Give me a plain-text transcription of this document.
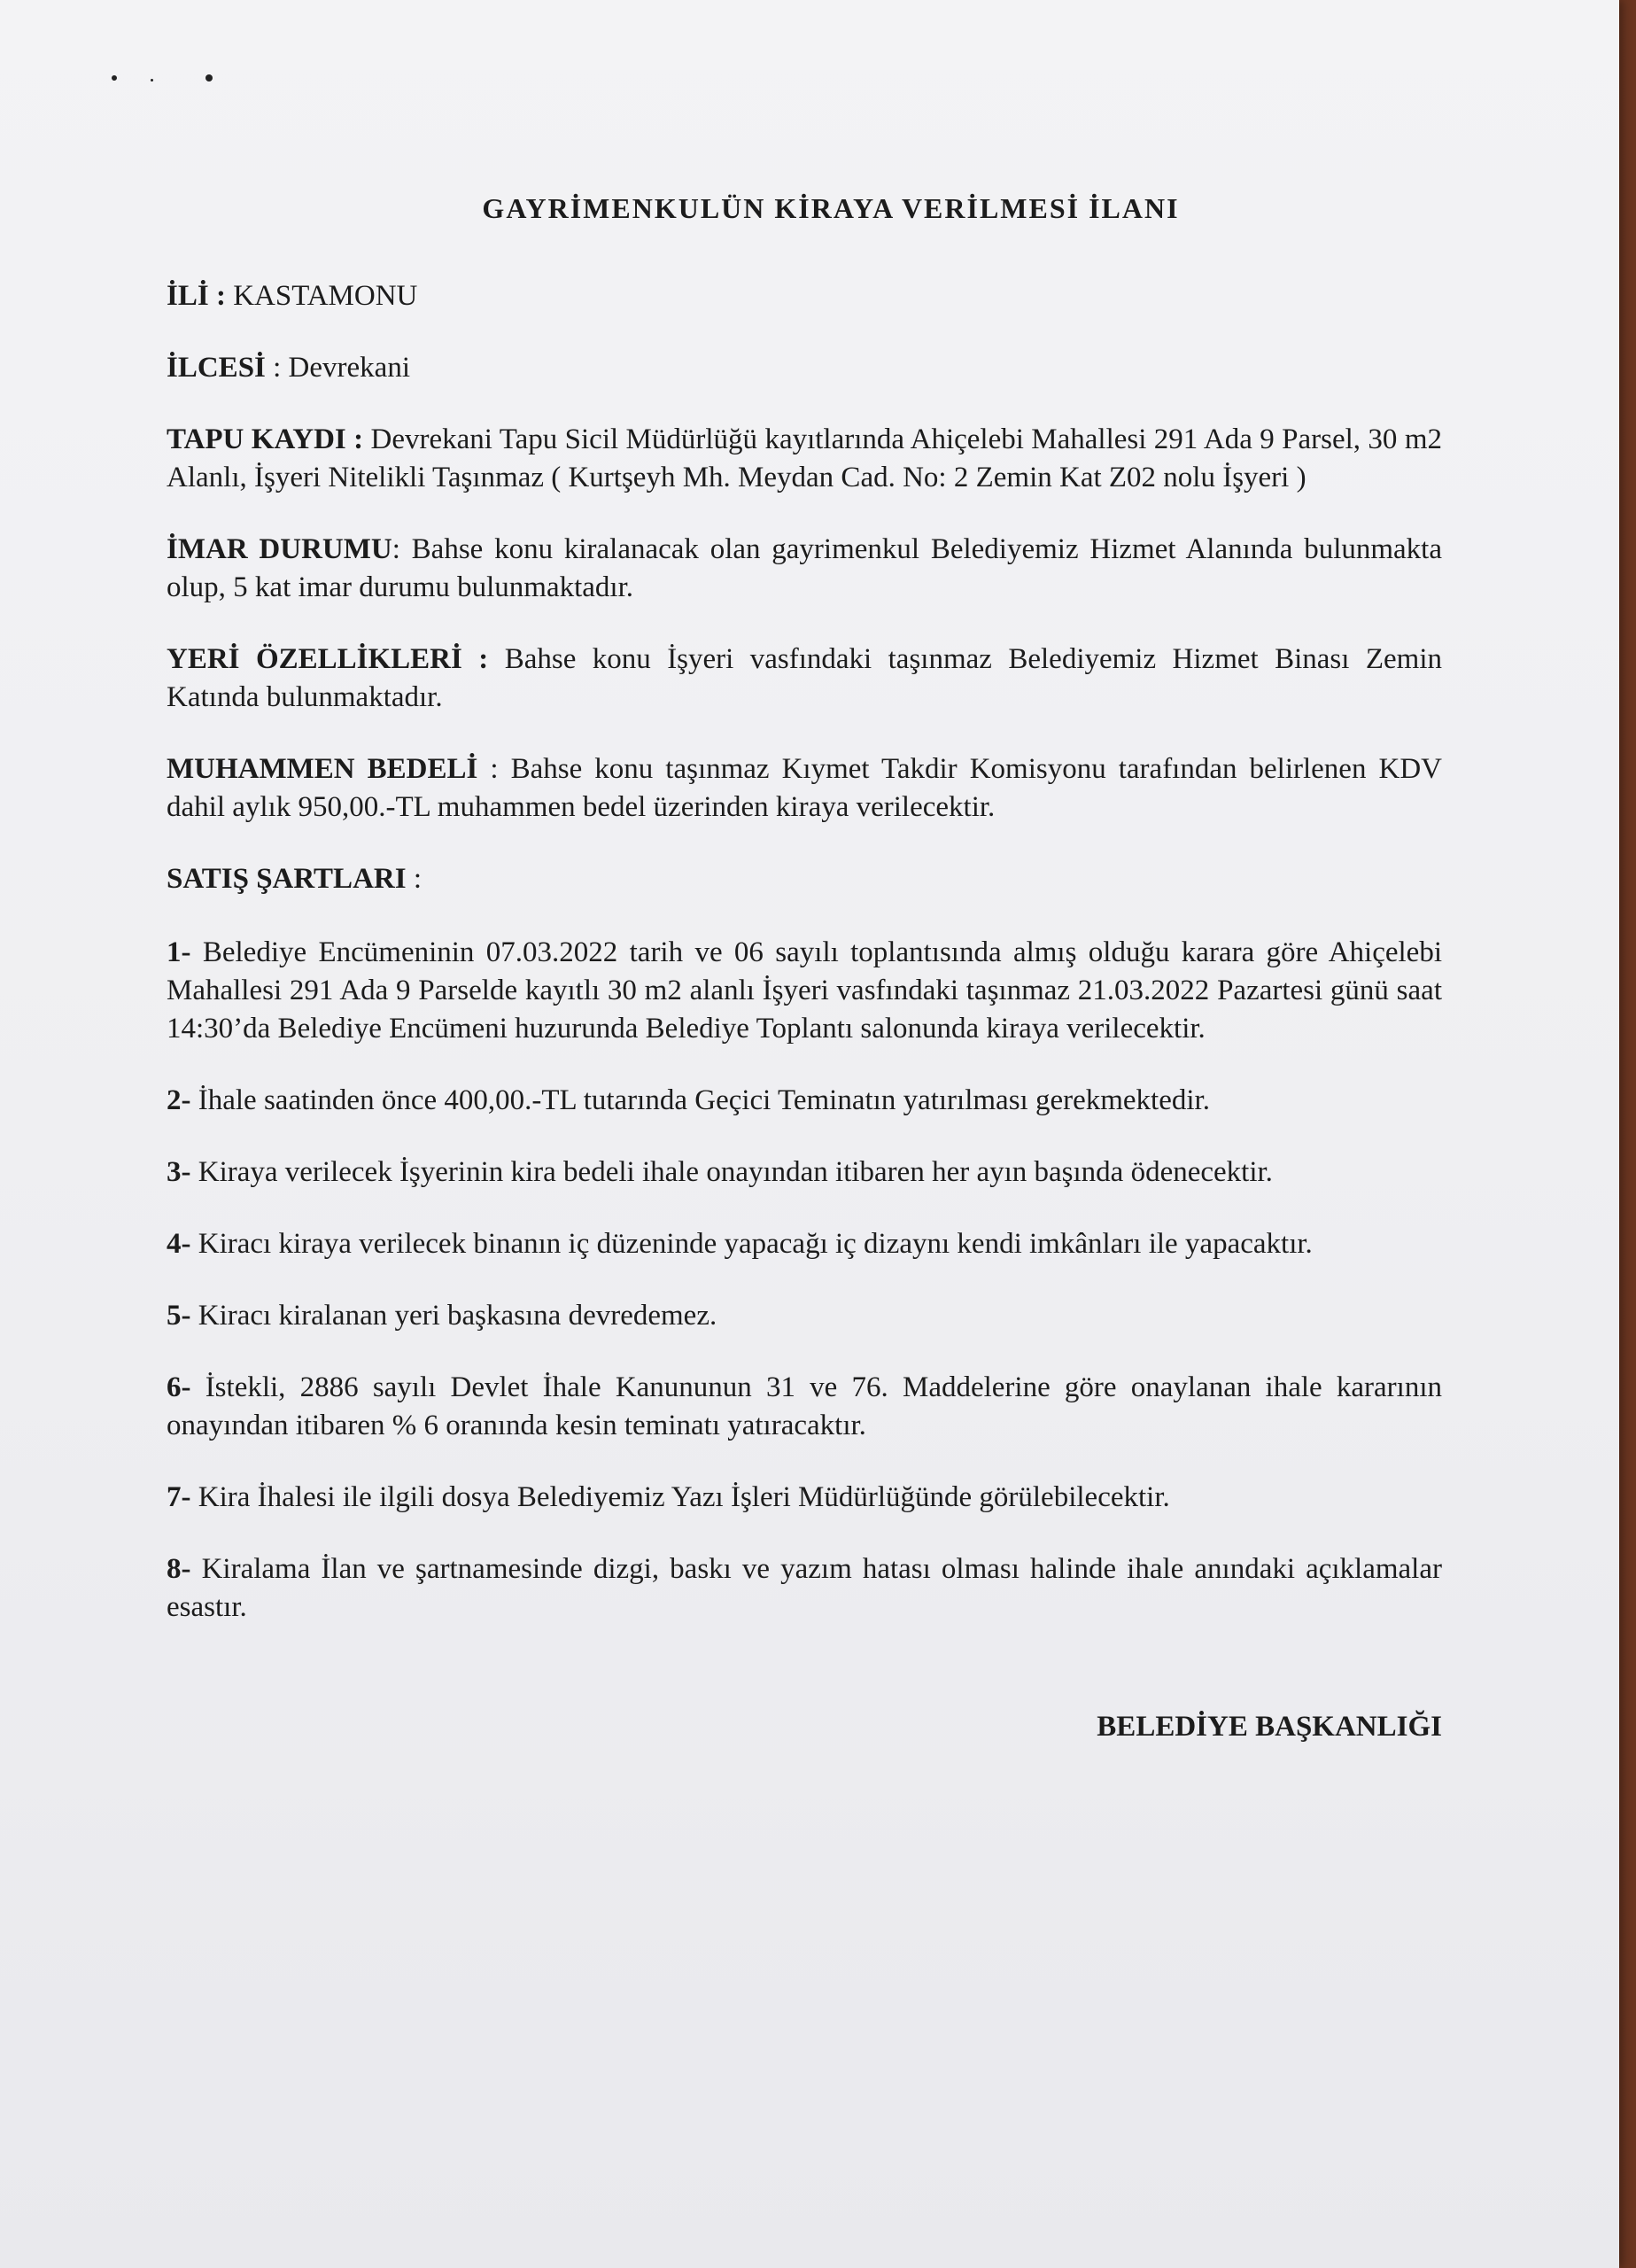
GAYRİMENKULÜN KİRAYA VERİLMESİ İLANI
İLİ : KASTAMONU
İLCESİ : Devrekani
TAPU KAYDI : Devrekani Tapu Sicil Müdürlüğü kayıtlarında Ahiçelebi Mahallesi 291 Ada 9 Parsel, 30 m2 Alanlı, İşyeri Nitelikli Taşınmaz ( Kurtşeyh Mh. Meydan Cad. No: 2 Zemin Kat Z02 nolu İşyeri )
İMAR DURUMU: Bahse konu kiralanacak olan gayrimenkul Belediyemiz Hizmet Alanında bulunmakta olup, 5 kat imar durumu bulunmaktadır.
YERİ ÖZELLİKLERİ : Bahse konu İşyeri vasfındaki taşınmaz Belediyemiz Hizmet Binası Zemin Katında bulunmaktadır.
MUHAMMEN BEDELİ : Bahse konu taşınmaz Kıymet Takdir Komisyonu tarafından belirlenen KDV dahil aylık 950,00.-TL muhammen bedel üzerinden kiraya verilecektir.
SATIŞ ŞARTLARI :
1- Belediye Encümeninin 07.03.2022 tarih ve 06 sayılı toplantısında almış olduğu karara göre Ahiçelebi Mahallesi 291 Ada 9 Parselde kayıtlı 30 m2 alanlı İşyeri vasfındaki taşınmaz 21.03.2022 Pazartesi günü saat 14:30’da Belediye Encümeni huzurunda Belediye Toplantı salonunda kiraya verilecektir.
2- İhale saatinden önce 400,00.-TL tutarında Geçici Teminatın yatırılması gerekmektedir.
3- Kiraya verilecek İşyerinin kira bedeli ihale onayından itibaren her ayın başında ödenecektir.
4- Kiracı kiraya verilecek binanın iç düzeninde yapacağı iç dizaynı kendi imkânları ile yapacaktır.
5- Kiracı kiralanan yeri başkasına devredemez.
6- İstekli, 2886 sayılı Devlet İhale Kanununun 31 ve 76. Maddelerine göre onaylanan ihale kararının onayından itibaren % 6 oranında kesin teminatı yatıracaktır.
7- Kira İhalesi ile ilgili dosya Belediyemiz Yazı İşleri Müdürlüğünde görülebilecektir.
8- Kiralama İlan ve şartnamesinde dizgi, baskı ve yazım hatası olması halinde ihale anındaki açıklamalar esastır.
BELEDİYE BAŞKANLIĞI
